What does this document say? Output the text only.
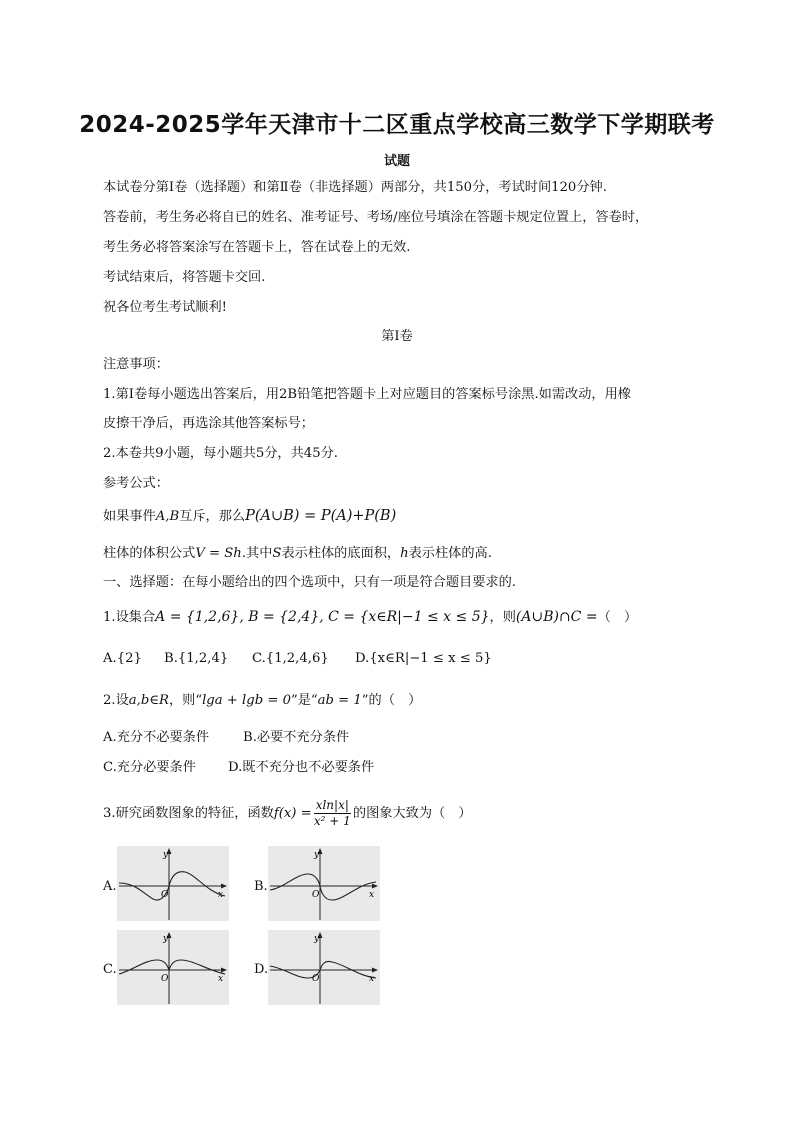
2024-2025学年天津市十二区重点学校高三数学下学期联考
试题
本试卷分第Ⅰ卷（选择题）和第Ⅱ卷（非选择题）两部分，共150分，考试时间120分钟.
答卷前，考生务必将自已的姓名、准考证号、考场/座位号填涂在答题卡规定位置上，答卷时，
考生务必将答案涂写在答题卡上，答在试卷上的无效.
考试结束后，将答题卡交回.
祝各位考生考试顺利!
第Ⅰ卷
注意事项：
1.第Ⅰ卷每小题选出答案后，用2B铅笔把答题卡上对应题目的答案标号涂黑.如需改动，用橡
皮擦干净后，再选涂其他答案标号；
2.本卷共9小题，每小题共5分，共45分.
参考公式：
如果事件A,B互斥，那么P(A∪B) = P(A)+P(B)
柱体的体积公式V = Sh.其中S表示柱体的底面积，h表示柱体的高.
一、选择题：在每小题给出的四个选项中，只有一项是符合题目要求的.
1.设集合A = {1,2,6}, B = {2,4}, C = {x∈R|−1 ≤ x ≤ 5}，则(A∪B)∩C =（　）
A.{2} B.{1,2,4} C.{1,2,4,6} D.{x∈R|−1 ≤ x ≤ 5}
2.设a,b∈R，则“lga + lgb = 0”是“ab = 1”的（　）
A.充分不必要条件	B.必要不充分条件
C.充分必要条件 D.既不充分也不必要条件
3.研究函数图象的特征，函数$f(x) = \frac{xln|x|}{\text{x² + 1}}$ 的图象大致为（　）
A.	B.
C.	D.
y
x
O
y
x
O
y
x
O
y
x
O
